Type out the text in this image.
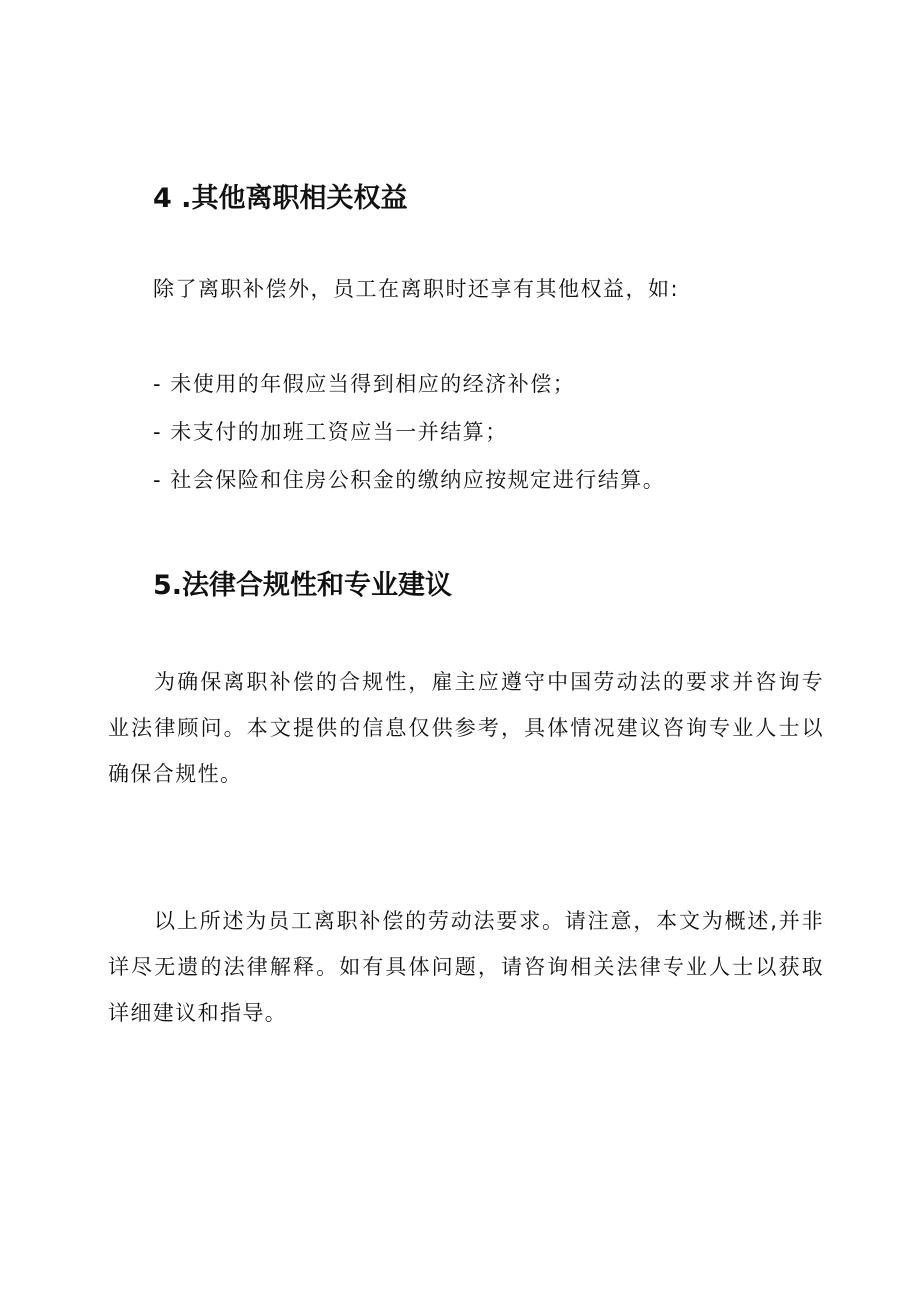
4 .其他离职相关权益
除了离职补偿外，员工在离职时还享有其他权益，如:
- 未使用的年假应当得到相应的经济补偿；
- 未支付的加班工资应当一并结算；
- 社会保险和住房公积金的缴纳应按规定进行结算。
5.法律合规性和专业建议
为确保离职补偿的合规性，雇主应遵守中国劳动法的要求并咨询专业法律顾问。本文提供的信息仅供参考，具体情况建议咨询专业人士以确保合规性。
以上所述为员工离职补偿的劳动法要求。请注意，本文为概述,并非详尽无遗的法律解释。如有具体问题，请咨询相关法律专业人士以获取详细建议和指导。
